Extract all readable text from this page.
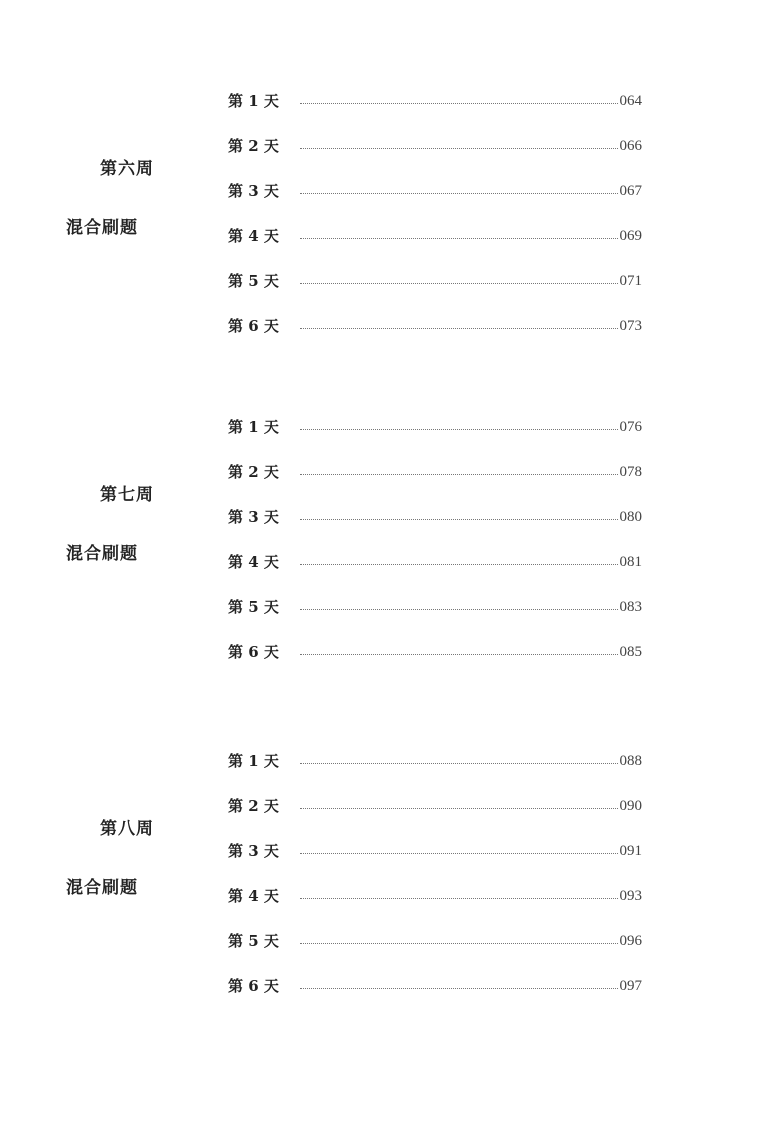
第六周
混合刷题
第 1 天	064
第 2 天	066
第 3 天	067
第 4 天	069
第 5 天	071
第 6 天	073
第七周
混合刷题
第 1 天	076
第 2 天	078
第 3 天	080
第 4 天	081
第 5 天	083
第 6 天	085
第八周
混合刷题
第 1 天	088
第 2 天	090
第 3 天	091
第 4 天	093
第 5 天	096
第 6 天	097
